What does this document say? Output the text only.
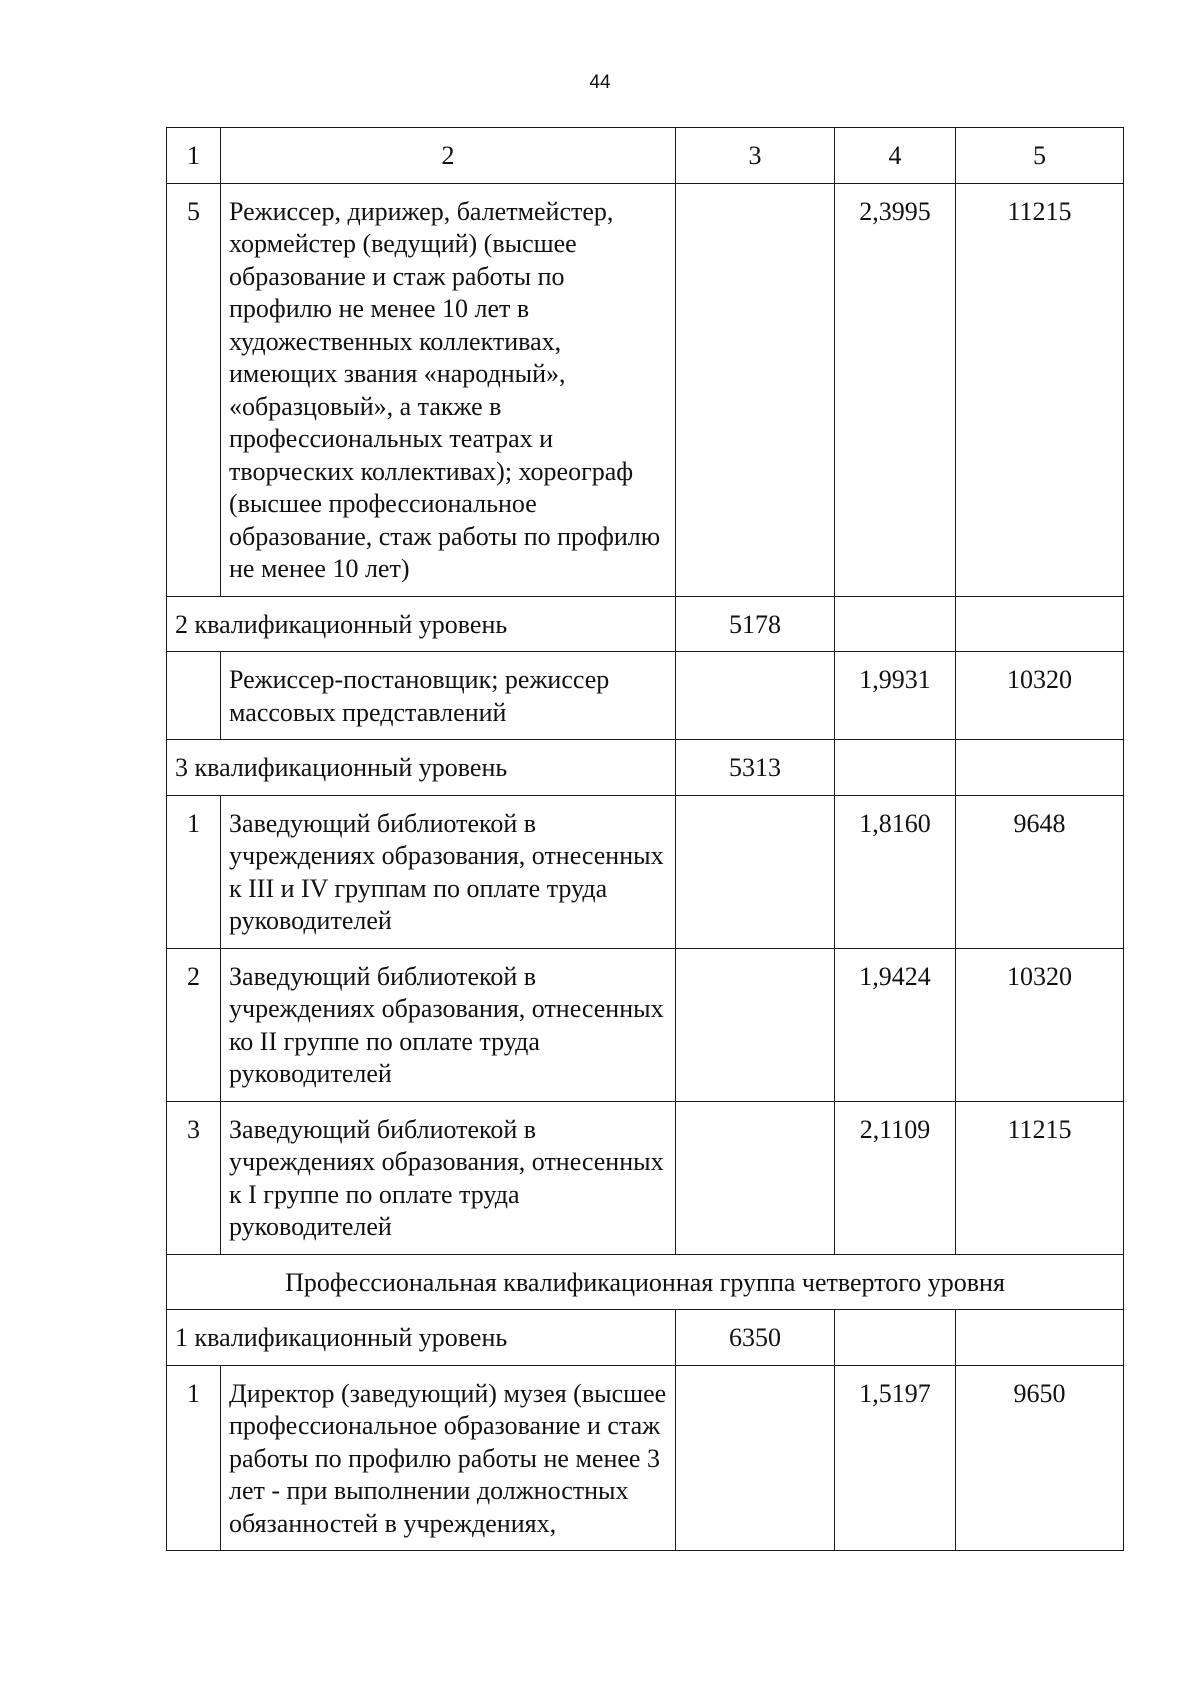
44
1	2	3	4	5
5	Режиссер, дирижер, балетмейстер, хормейстер (ведущий) (высшее образование и стаж работы по профилю не менее 10 лет в художественных коллективах, имеющих звания «народный», «образцовый», а также в профессиональных театрах и творческих коллективах); хореограф (высшее профессиональное образование, стаж работы по профилю не менее 10 лет)		2,3995	11215
2 квалификационный уровень		5178		
	Режиссер-постановщик; режиссер массовых представлений		1,9931	10320
3 квалификационный уровень		5313		
1	Заведующий библиотекой в учреждениях образования, отнесенных к III и IV группам по оплате труда руководителей		1,8160	9648
2	Заведующий библиотекой в учреждениях образования, отнесенных ко II группе по оплате труда руководителей		1,9424	10320
3	Заведующий библиотекой в учреждениях образования, отнесенных к I группе по оплате труда руководителей		2,1109	11215
Профессиональная квалификационная группа четвертого уровня				
1 квалификационный уровень		6350		
1	Директор (заведующий) музея (высшее профессиональное образование и стаж работы по профилю работы не менее 3 лет - при выполнении должностных обязанностей в учреждениях,		1,5197	9650
